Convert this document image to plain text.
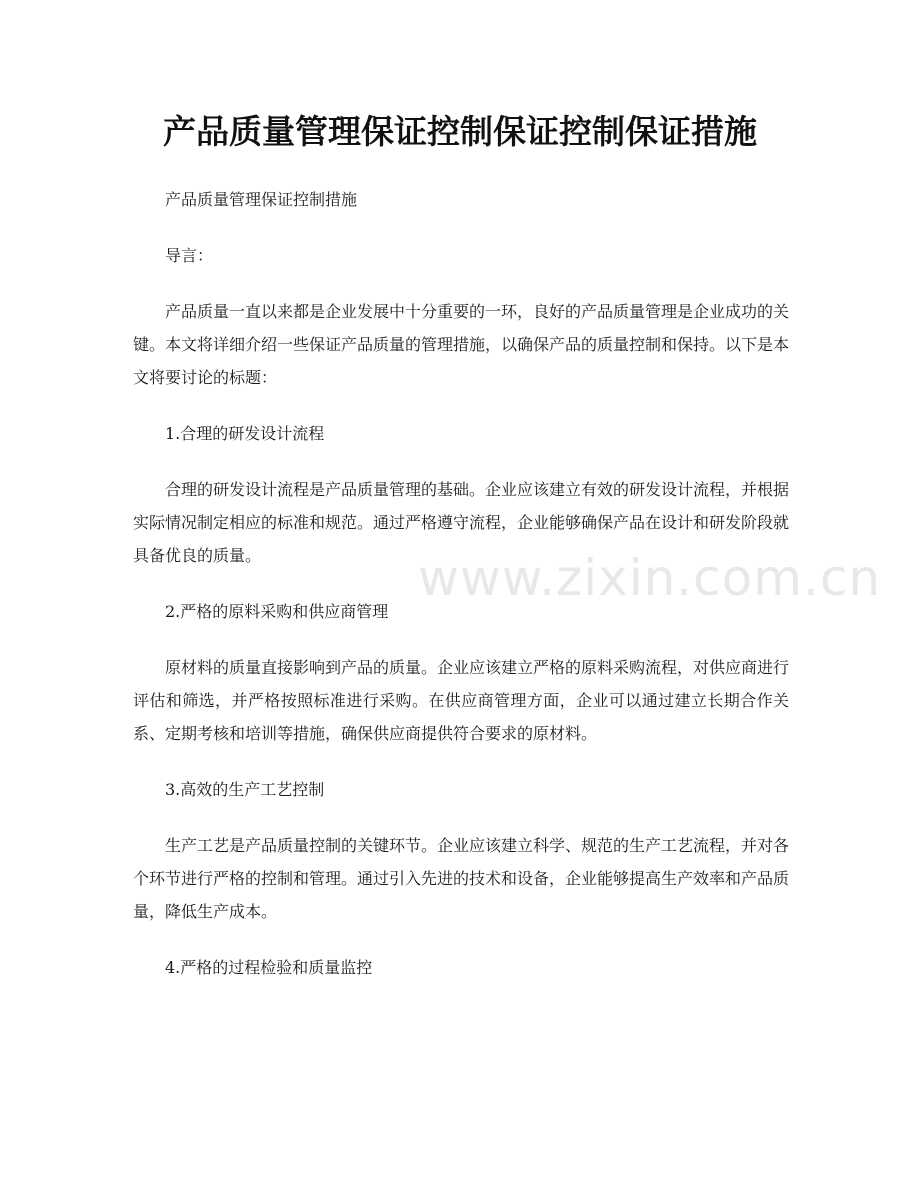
产品质量管理保证控制保证控制保证措施

产品质量管理保证控制措施

导言：

产品质量一直以来都是企业发展中十分重要的一环，良好的产品质量管理是企业成功的关键。本文将详细介绍一些保证产品质量的管理措施，以确保产品的质量控制和保持。以下是本文将要讨论的标题：

1.合理的研发设计流程

合理的研发设计流程是产品质量管理的基础。企业应该建立有效的研发设计流程，并根据实际情况制定相应的标准和规范。通过严格遵守流程，企业能够确保产品在设计和研发阶段就具备优良的质量。

2.严格的原料采购和供应商管理

原材料的质量直接影响到产品的质量。企业应该建立严格的原料采购流程，对供应商进行评估和筛选，并严格按照标准进行采购。在供应商管理方面，企业可以通过建立长期合作关系、定期考核和培训等措施，确保供应商提供符合要求的原材料。

3.高效的生产工艺控制

生产工艺是产品质量控制的关键环节。企业应该建立科学、规范的生产工艺流程，并对各个环节进行严格的控制和管理。通过引入先进的技术和设备，企业能够提高生产效率和产品质量，降低生产成本。

4.严格的过程检验和质量监控

www.zixin.com.cn
